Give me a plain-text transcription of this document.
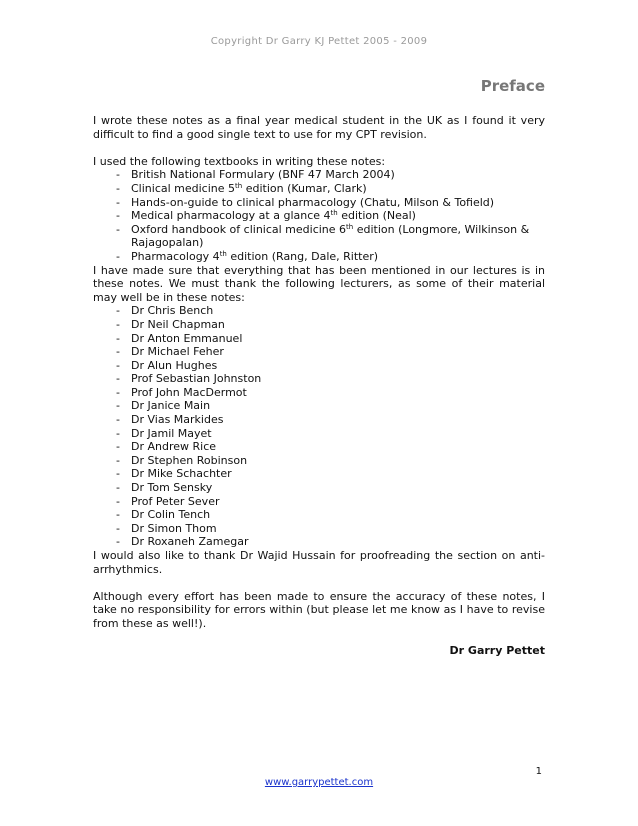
Copyright Dr Garry KJ Pettet 2005 - 2009
Preface

I wrote these notes as a final year medical student in the UK as I found it very difficult to find a good single text to use for my CPT revision.

I used the following textbooks in writing these notes:

- British National Formulary (BNF 47 March 2004)
- Clinical medicine 5th edition (Kumar, Clark)
- Hands-on-guide to clinical pharmacology (Chatu, Milson & Tofield)
- Medical pharmacology at a glance 4th edition (Neal)
- Oxford handbook of clinical medicine 6th edition (Longmore, Wilkinson & Rajagopalan)
- Pharmacology 4th edition (Rang, Dale, Ritter)

I have made sure that everything that has been mentioned in our lectures is in these notes. We must thank the following lecturers, as some of their material may well be in these notes:

- Dr Chris Bench
- Dr Neil Chapman
- Dr Anton Emmanuel
- Dr Michael Feher
- Dr Alun Hughes
- Prof Sebastian Johnston
- Prof John MacDermot
- Dr Janice Main
- Dr Vias Markides
- Dr Jamil Mayet
- Dr Andrew Rice
- Dr Stephen Robinson
- Dr Mike Schachter
- Dr Tom Sensky
- Prof Peter Sever
- Dr Colin Tench
- Dr Simon Thom
- Dr Roxaneh Zamegar

I would also like to thank Dr Wajid Hussain for proofreading the section on anti-arrhythmics.

Although every effort has been made to ensure the accuracy of these notes, I take no responsibility for errors within (but please let me know as I have to revise from these as well!).

Dr Garry Pettet
1
www.garrypettet.com
